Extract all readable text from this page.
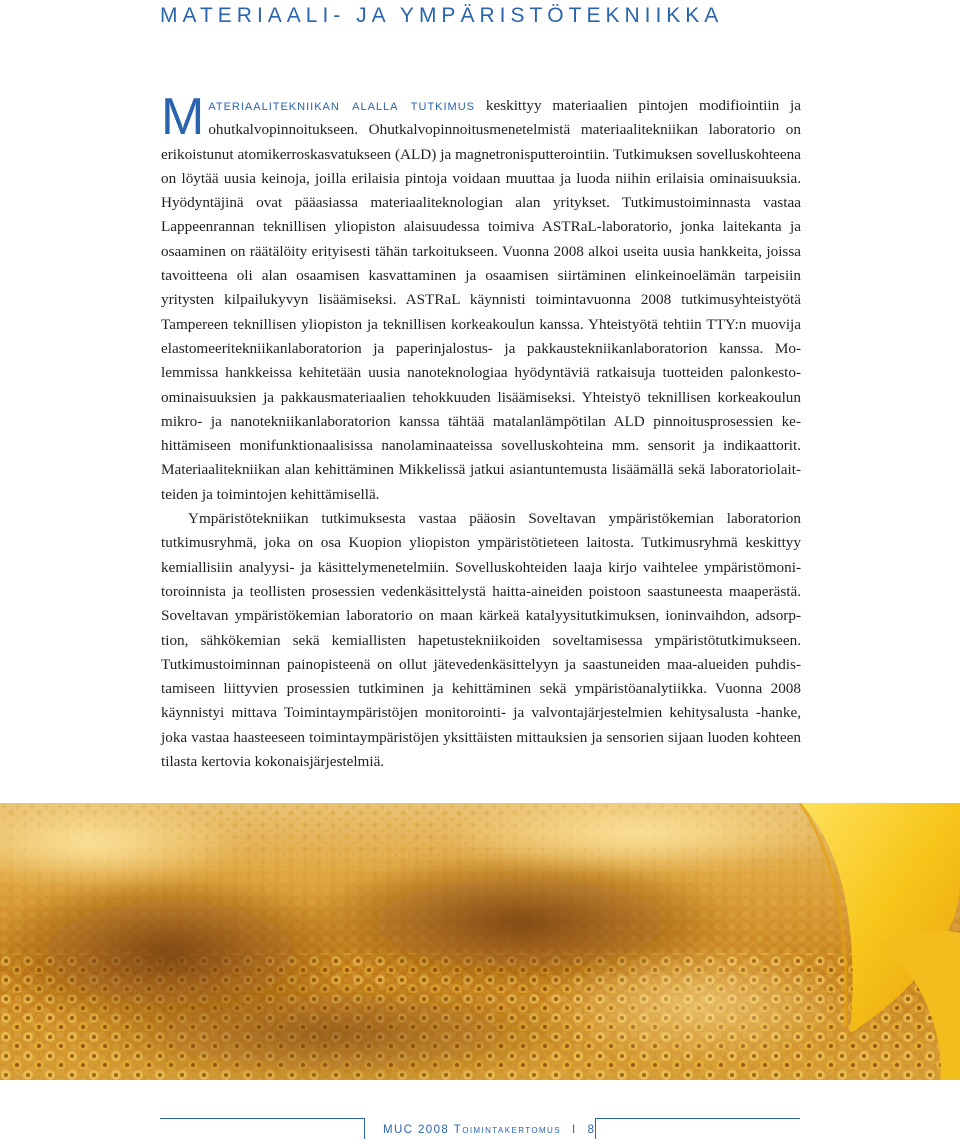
MATERIAALI- JA YMPÄRISTÖTEKNIIKKA

Materiaalitekniikan alalla tutkimus keskittyy materiaalien pintojen modifiointiin ja ohutkalvopinnoitukseen. Ohutkalvopinnoitusmenetelmistä materiaalitekniikan laboratorio on erikoistunut atomikerroskasvatukseen (ALD) ja magnetronisputterointiin. Tutkimuksen sovelluskohteena on löytää uusia keinoja, joilla erilaisia pintoja voidaan muuttaa ja luoda niihin erilaisia ominaisuuksia. Hyödyntäjinä ovat pääasiassa materiaaliteknologian alan yritykset. Tutkimustoiminnasta vastaa Lappeenrannan teknillisen yliopiston alaisuudessa toimiva ASTRaL-laboratorio, jonka laitekanta ja osaaminen on räätälöity erityisesti tähän tarkoitukseen. Vuonna 2008 alkoi useita uusia hankkeita, joissa tavoitteena oli alan osaamisen kasvattaminen ja osaamisen siirtäminen elinkeinoelämän tarpeisiin yritysten kilpailukyvyn lisäämiseksi. ASTRaL käynnisti toimintavuonna 2008 tutkimusyhteistyötä Tampereen teknillisen yliopiston ja teknillisen korkeakoulun kanssa. Yhteistyötä tehtiin TTY:n muovija elastomeeritekniikanlaboratorion ja paperinjalostus- ja pakkaustekniikanlaboratorion kanssa. Molemmissa hankkeissa kehitetään uusia nanoteknologiaa hyödyntäviä ratkaisuja tuotteiden palonkestoominaisuuksien ja pakkausmateriaalien tehokkuuden lisäämiseksi. Yhteistyö teknillisen korkeakoulun mikro- ja nanotekniikanlaboratorion kanssa tähtää matalanlämpötilan ALD pinnoitusprosessien kehittämiseen monifunktionaalisissa nanolaminaateissa sovelluskohteina mm. sensorit ja indikaattorit. Materiaalitekniikan alan kehittäminen Mikkelissä jatkui asiantuntemusta lisäämällä sekä laboratoriolaitteiden ja toimintojen kehittämisellä.

Ympäristötekniikan tutkimuksesta vastaa pääosin Soveltavan ympäristökemian laboratorion tutkimusryhmä, joka on osa Kuopion yliopiston ympäristötieteen laitosta. Tutkimusryhmä keskittyy kemiallisiin analyysi- ja käsittelymenetelmiin. Sovelluskohteiden laaja kirjo vaihtelee ympäristömonitoroinnista ja teollisten prosessien vedenkäsittelystä haitta-aineiden poistoon saastuneesta maaperästä. Soveltavan ympäristökemian laboratorio on maan kärkeä katalyysitutkimuksen, ioninvaihdon, adsorption, sähkökemian sekä kemiallisten hapetustekniikoiden soveltamisessa ympäristötutkimukseen. Tutkimustoiminnan painopisteenä on ollut jätevedenkäsittelyyn ja saastuneiden maa-alueiden puhdistamiseen liittyvien prosessien tutkiminen ja kehittäminen sekä ympäristöanalytiikka. Vuonna 2008 käynnistyi mittava Toimintaympäristöjen monitorointi- ja valvontajärjestelmien kehitysalusta -hanke, joka vastaa haasteeseen toimintaympäristöjen yksittäisten mittauksien ja sensorien sijaan luoden kohteen tilasta kertovia kokonaisjärjestelmiä.

MUC 2008 Toimintakertomus I 8
